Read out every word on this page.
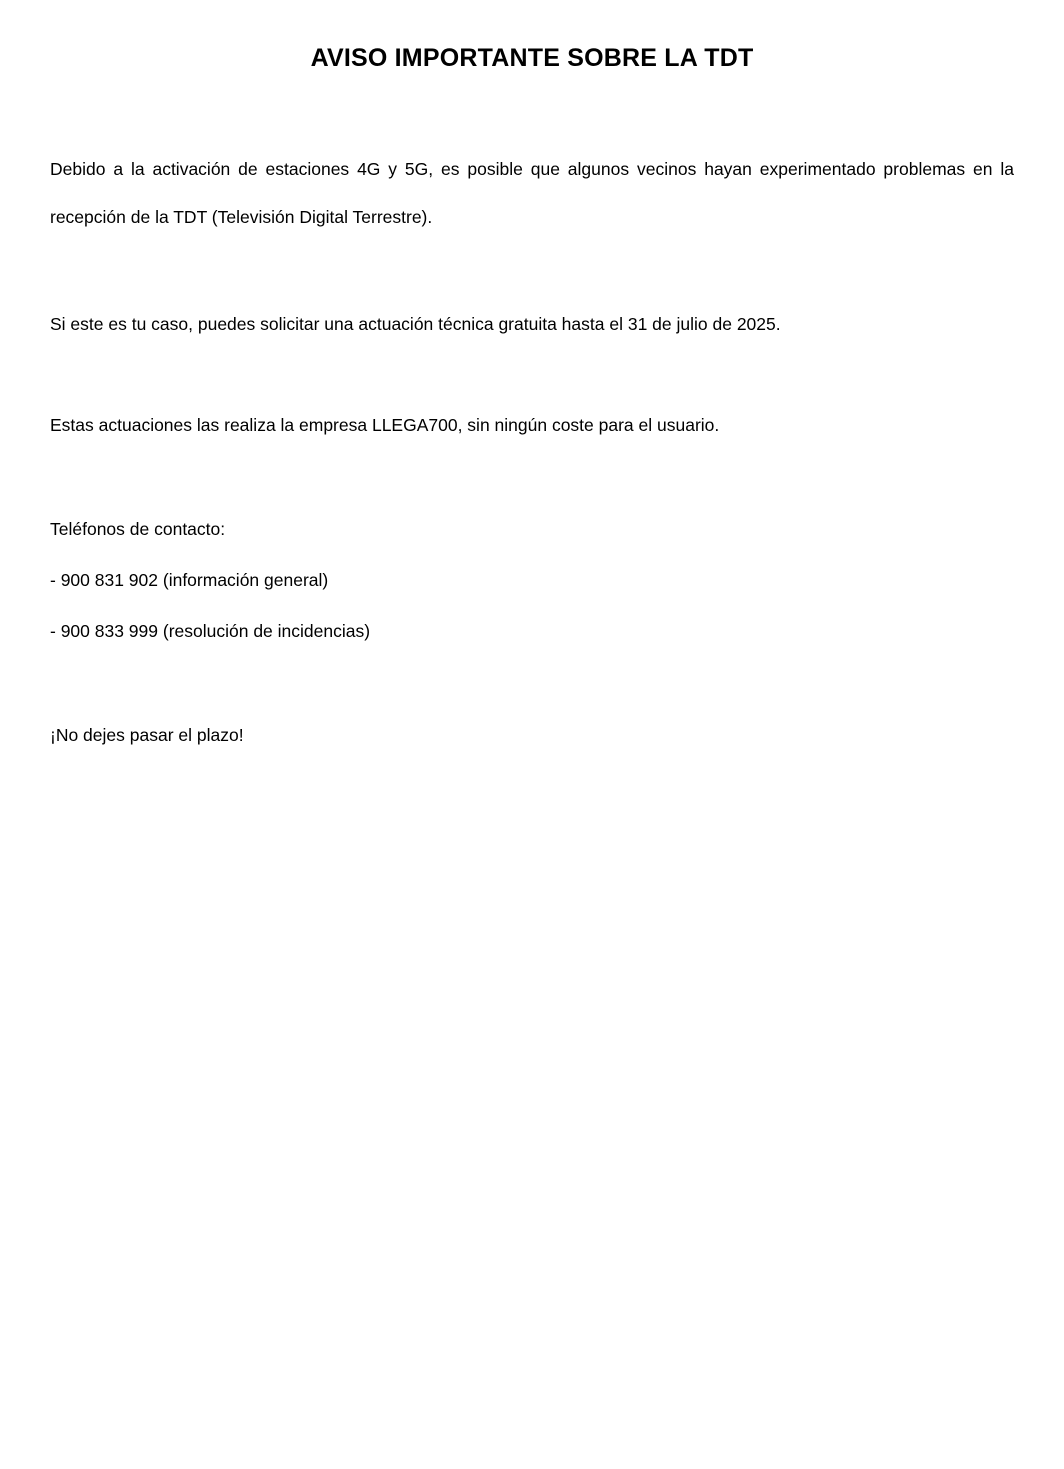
AVISO IMPORTANTE SOBRE LA TDT

Debido a la activación de estaciones 4G y 5G, es posible que algunos vecinos hayan experimentado problemas en la recepción de la TDT (Televisión Digital Terrestre).

Si este es tu caso, puedes solicitar una actuación técnica gratuita hasta el 31 de julio de 2025.

Estas actuaciones las realiza la empresa LLEGA700, sin ningún coste para el usuario.

Teléfonos de contacto:

- 900 831 902 (información general)
- 900 833 999 (resolución de incidencias)

¡No dejes pasar el plazo!
